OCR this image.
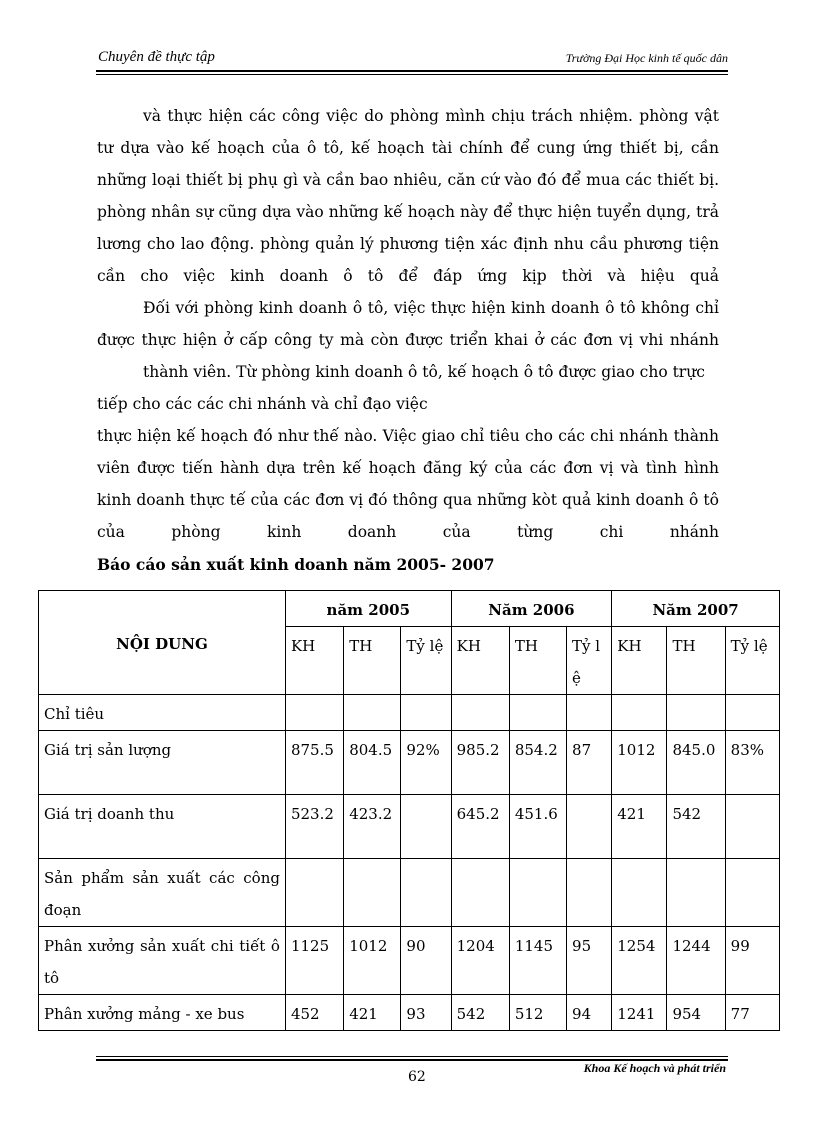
Chuyên đề thực tập	Trường Đại Học kinh tế quốc dân

và thực hiện các công việc do phòng mình chịu trách nhiệm. phòng vật tư dựa vào kế hoạch của ô tô, kế hoạch tài chính để cung ứng thiết bị, cần những loại thiết bị phụ gì và cần bao nhiêu, căn cứ vào đó để mua các thiết bị. phòng nhân sự cũng dựa vào những kế hoạch này để thực hiện tuyển dụng, trả lương cho lao động. phòng quản lý phương tiện xác định nhu cầu phương tiện cần cho việc kinh doanh ô tô để đáp ứng kịp thời và hiệu quả

Đối với phòng kinh doanh ô tô, việc thực hiện kinh doanh ô tô không chỉ được thực hiện ở cấp công ty mà còn được triển khai ở các đơn vị vhi nhánh

thành viên. Từ phòng kinh doanh ô tô, kế hoạch ô tô được giao cho trực tiếp cho các các chi nhánh và chỉ đạo việc

thực hiện kế hoạch đó như thế nào. Việc giao chỉ tiêu cho các chi nhánh thành viên được tiến hành dựa trên kế hoạch đăng ký của các đơn vị và tình hình kinh doanh thực tế của các đơn vị đó thông qua những kòt quả kinh doanh ô tô của phòng kinh doanh của từng chi nhánh

Báo cáo sản xuất kinh doanh năm 2005- 2007
NỘI DUNG	năm 2005			Năm 2006			Năm 2007		
	KH	TH	Tỷ lệ	KH	TH	Tỷ lệ	KH	TH	Tỷ lệ
Chỉ tiêu									
Giá trị sản lượng	875.5	804.5	92%	985.2	854.2	87	1012	845.0	83%
Giá trị doanh thu	523.2	423.2		645.2	451.6		421	542	
Sản phẩm sản xuất các công đoạn									
Phân xưởng sản xuất chi tiết ô tô	1125	1012	90	1204	1145	95	1254	1244	99
Phân xưởng mảng - xe bus	452	421	93	542	512	94	1241	954	77
Khoa Kế hoạch và phát triển
62
